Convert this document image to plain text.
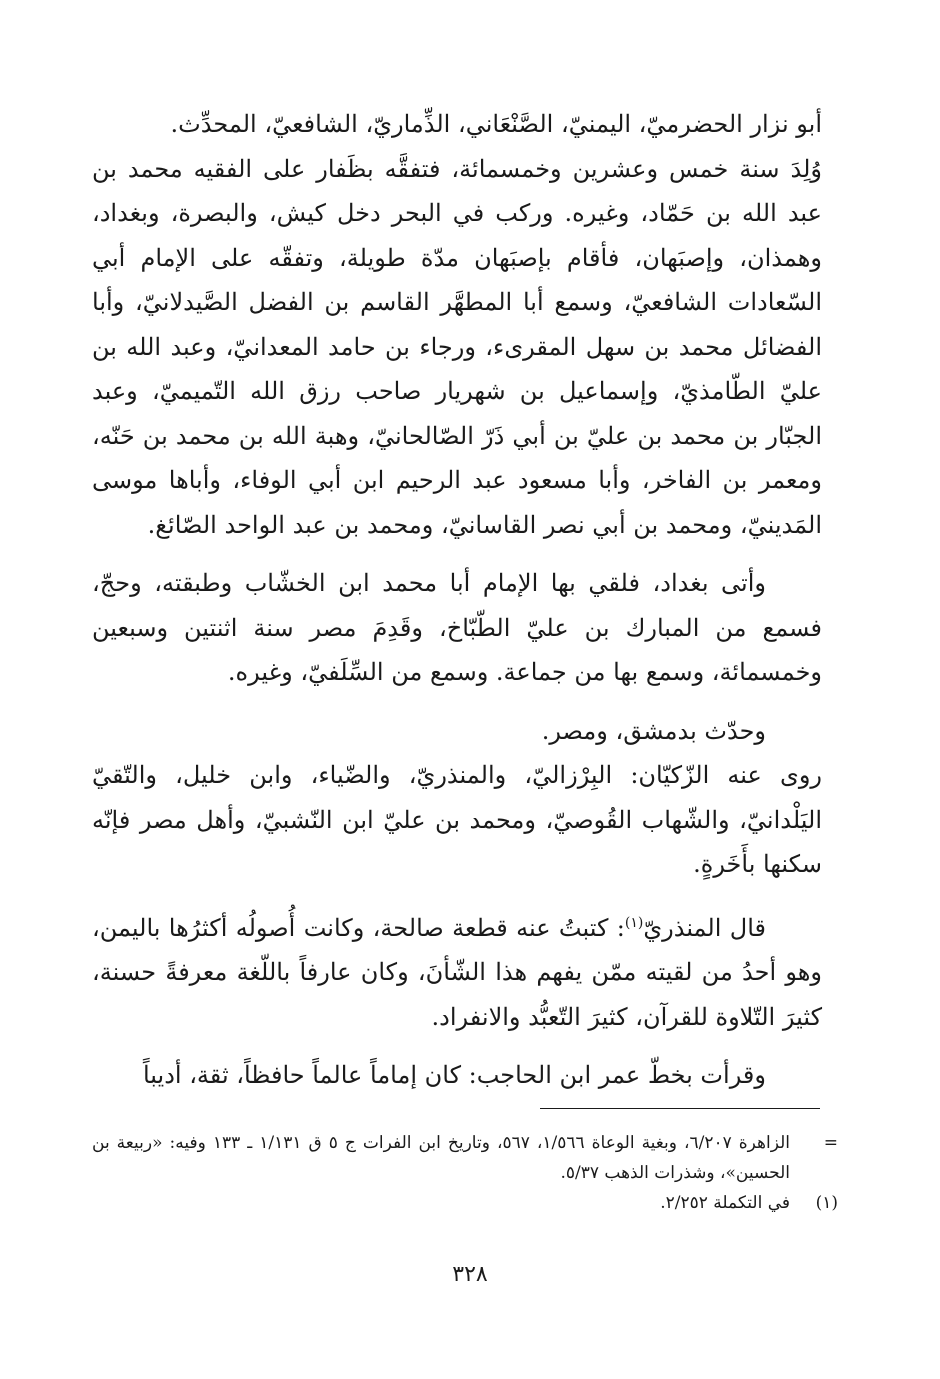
أبو نزار الحضرميّ، اليمنيّ، الصَّنْعَاني، الذِّماريّ، الشافعيّ، المحدِّث.
وُلِدَ سنة خمس وعشرين وخمسمائة، فتفقَّه بظَفار على الفقيه محمد بن عبد الله بن حَمّاد، وغيره. وركب في البحر دخل كيش، والبصرة، وبغداد، وهمذان، وإصبَهان، فأقام بإصبَهان مدّة طويلة، وتفقّه على الإمام أبي السّعادات الشافعيّ، وسمع أبا المطهَّر القاسم بن الفضل الصَّيدلانيّ، وأبا الفضائل محمد بن سهل المقرىء، ورجاء بن حامد المعدانيّ، وعبد الله بن عليّ الطّامذيّ، وإسماعيل بن شهريار صاحب رزق الله التّميميّ، وعبد الجبّار بن محمد بن عليّ بن أبي ذَرّ الصّالحانيّ، وهبة الله بن محمد بن حَنّه، ومعمر بن الفاخر، وأبا مسعود عبد الرحيم ابن أبي الوفاء، وأباها موسى المَدينيّ، ومحمد بن أبي نصر القاسانيّ، ومحمد بن عبد الواحد الصّائغ.

وأتى بغداد، فلقي بها الإمام أبا محمد ابن الخشّاب وطبقته، وحجّ، فسمع من المبارك بن عليّ الطّبّاخ، وقَدِمَ مصر سنة اثنتين وسبعين وخمسمائة، وسمع بها من جماعة. وسمع من السِّلَفيّ، وغيره.

وحدّث بدمشق، ومصر.

روى عنه الزّكيّان: البِرْزاليّ، والمنذريّ، والضّياء، وابن خليل، والتّقيّ اليَلْدانيّ، والشّهاب القُوصيّ، ومحمد بن عليّ ابن النّشبيّ، وأهل مصر فإنّه سكنها بأَخَرةٍ.

قال المنذريّ$^{(١)}$: كتبتُ عنه قطعة صالحة، وكانت أُصولُه أكثرُها باليمن، وهو أحدُ من لقيته ممّن يفهم هذا الشّأنَ، وكان عارفاً باللّغة معرفةً حسنة، كثيرَ التّلاوة للقرآن، كثيرَ التّعبُّد والانفراد.

وقرأت بخطّ عمر ابن الحاجب: كان إماماً عالماً حافظاً، ثقة، أديباً

=
الزاهرة ٦/٢٠٧، وبغية الوعاة ١/٥٦٦، ٥٦٧، وتاريخ ابن الفرات ج ٥ ق ١/١٣١ ـ ١٣٣ وفيه: «ربيعة بن الحسين»، وشذرات الذهب ٥/٣٧.
(١)
في التكملة ٢/٢٥٢.
٣٢٨
